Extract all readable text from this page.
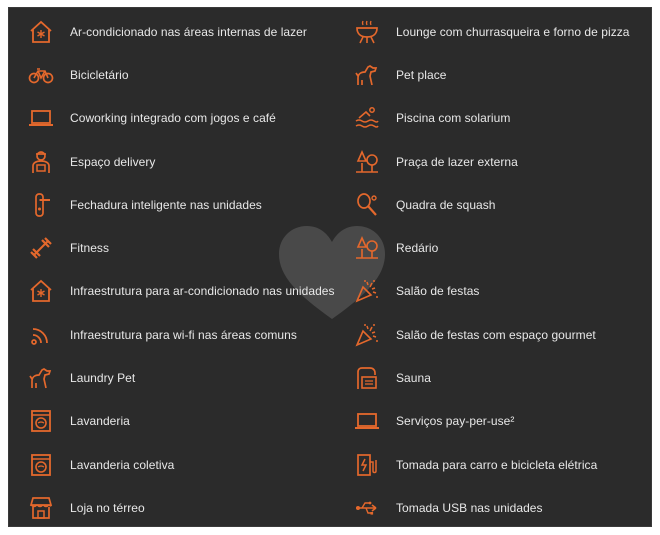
Ar-condicionado nas áreas internas de lazer
Bicicletário
Coworking integrado com jogos e café
Espaço delivery
Fechadura inteligente nas unidades
Fitness
Infraestrutura para ar-condicionado nas unidades
Infraestrutura para wi-fi nas áreas comuns
Laundry Pet
Lavanderia
Lavanderia coletiva
Loja no térreo
Lounge com churrasqueira e forno de pizza
Pet place
Piscina com solarium
Praça de lazer externa
Quadra de squash
Redário
Salão de festas
Salão de festas com espaço gourmet
Sauna
Serviços pay-per-use²
Tomada para carro e bicicleta elétrica
Tomada USB nas unidades
